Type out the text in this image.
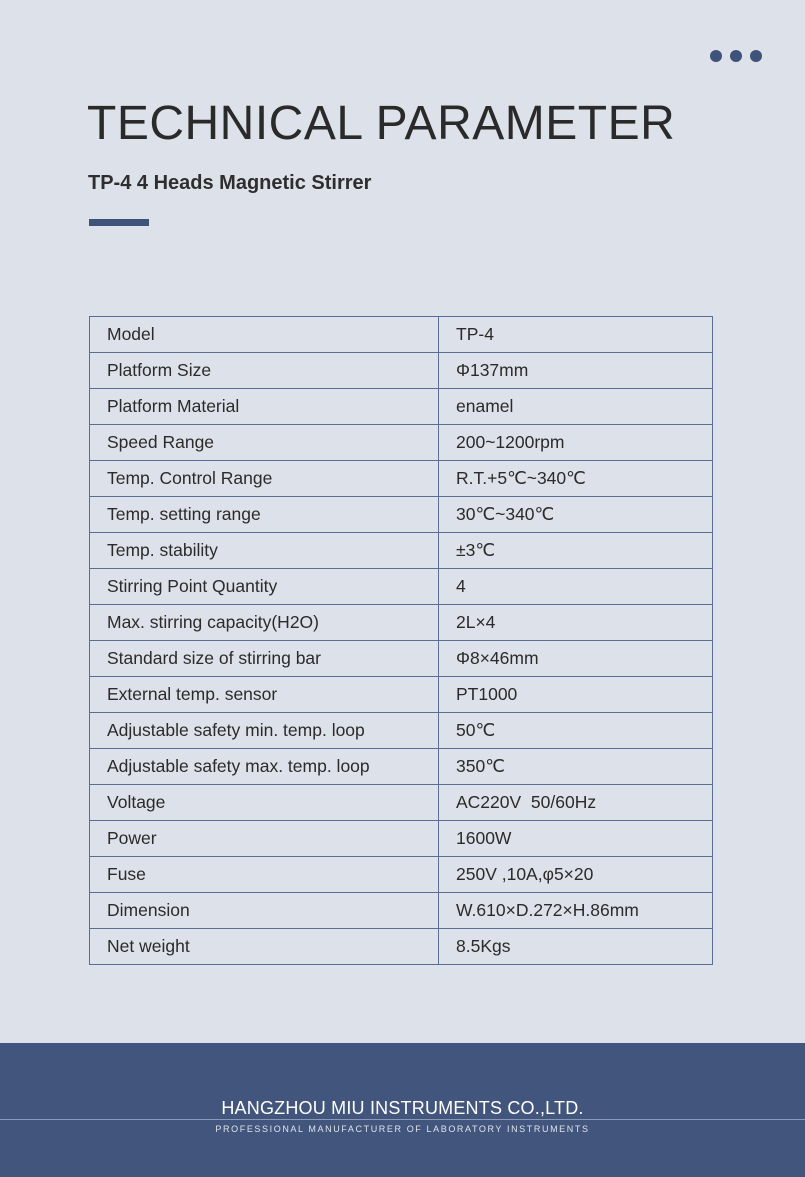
TECHNICAL PARAMETER
TP-4 4 Heads Magnetic Stirrer
Model	TP-4
Platform Size	Φ137mm
Platform Material	enamel
Speed Range	200~1200rpm
Temp. Control Range	R.T.+5℃~340℃
Temp. setting range	30℃~340℃
Temp. stability	±3℃
Stirring Point Quantity	4
Max. stirring capacity(H2O)	2L×4
Standard size of stirring bar	Φ8×46mm
External temp. sensor	PT1000
Adjustable safety min. temp. loop	50℃
Adjustable safety max. temp. loop	350℃
Voltage	AC220V  50/60Hz
Power	1600W
Fuse	250V ,10A,φ5×20
Dimension	W.610×D.272×H.86mm
Net weight	8.5Kgs
HANGZHOU MIU INSTRUMENTS CO.,LTD.
PROFESSIONAL MANUFACTURER OF LABORATORY INSTRUMENTS
